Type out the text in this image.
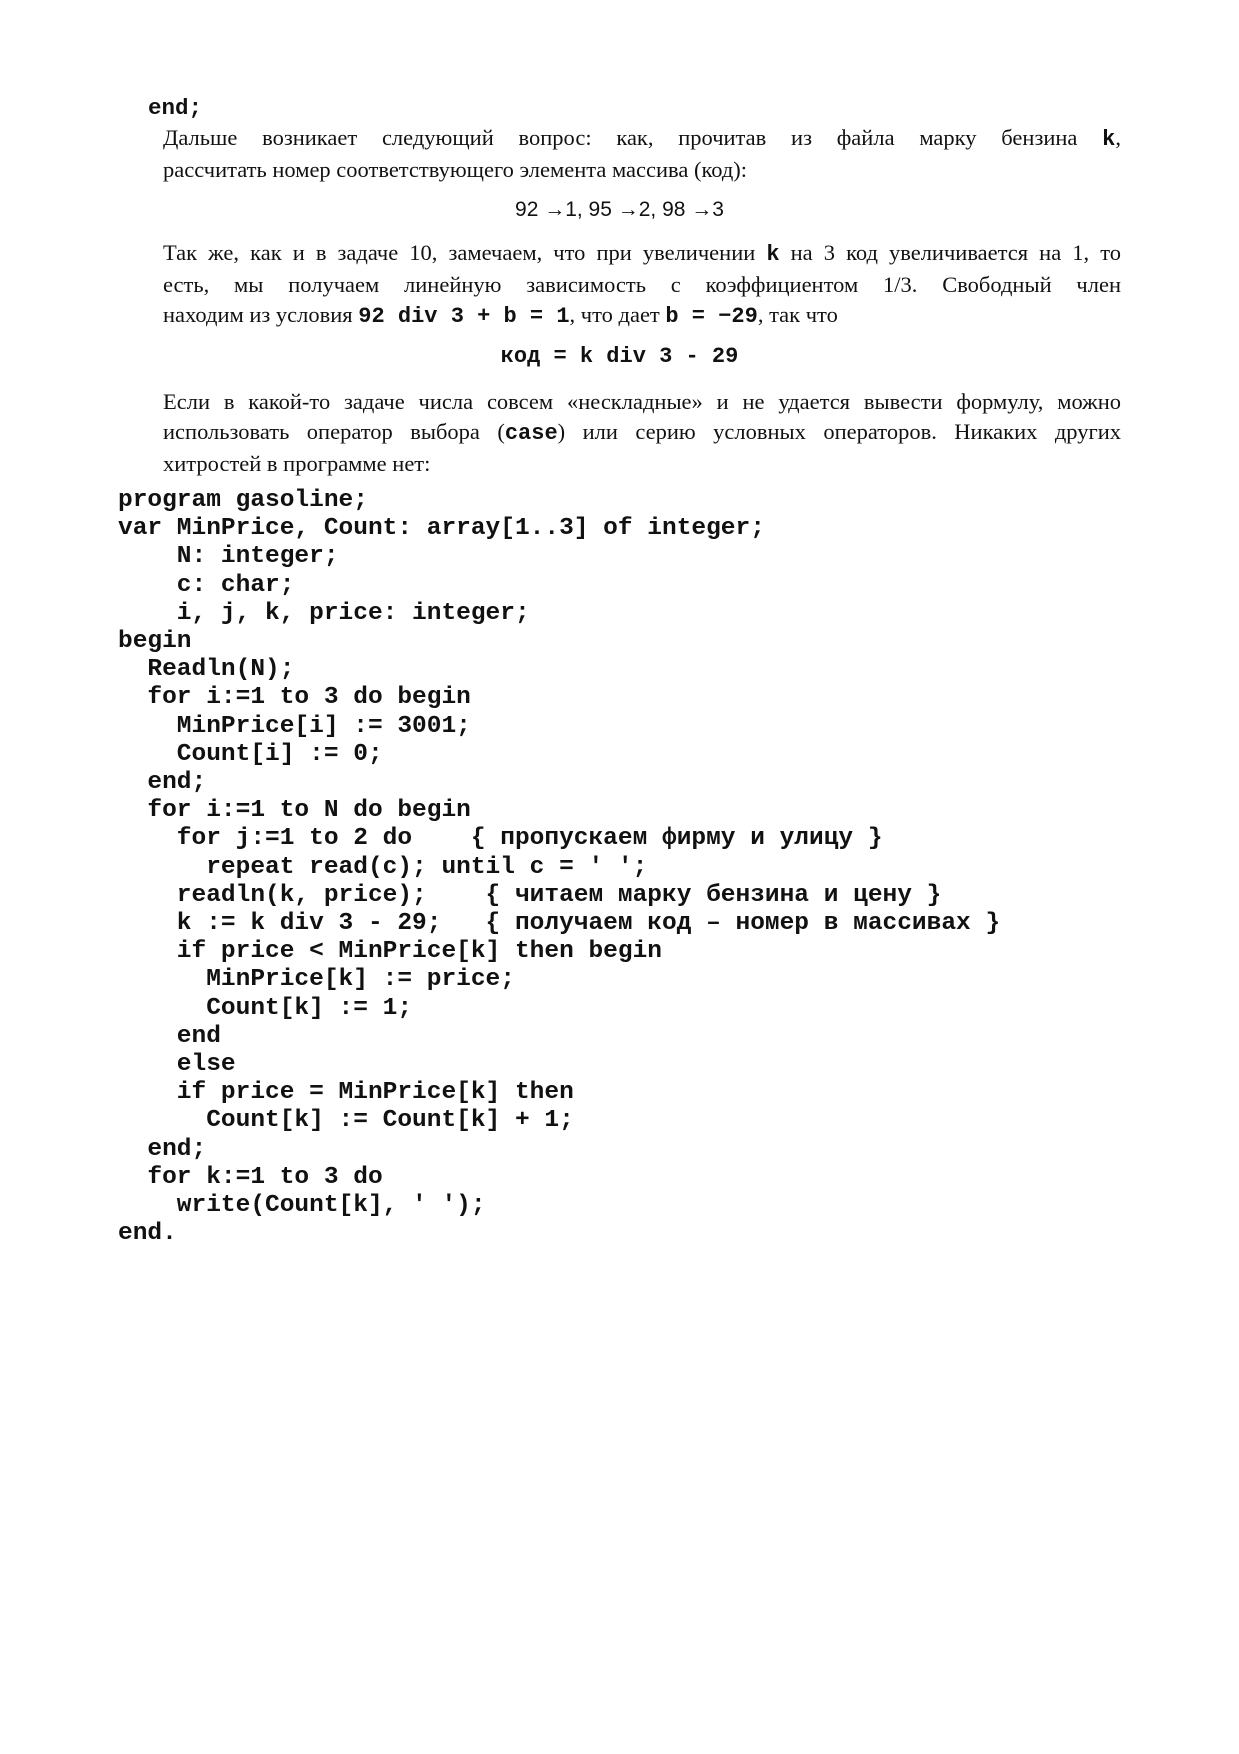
end;
Дальше возникает следующий вопрос: как, прочитав из файла марку бензина k,
рассчитать номер соответствующего элемента массива (код):
92 →1, 95 →2, 98 →3
Так же, как и в задаче 10, замечаем, что при увеличении k на 3 код увеличивается на 1, то
есть, мы получаем линейную зависимость с коэффициентом 1/3. Свободный член
находим из условия 92 div 3 + b = 1, что дает b = −29, так что
код = k div 3 - 29
Если в какой-то задаче числа совсем «нескладные» и не удается вывести формулу, можно
использовать оператор выбора (case) или серию условных операторов. Никаких других
хитростей в программе нет:
program gasoline;
var MinPrice, Count: array[1..3] of integer;
N: integer;
c: char;
i, j, k, price: integer;
begin
Readln(N);
for i:=1 to 3 do begin
MinPrice[i] := 3001;
Count[i] := 0;
end;
for i:=1 to N do begin
for j:=1 to 2 do    { пропускаем фирму и улицу }
repeat read(c); until c = ' ';
readln(k, price);    { читаем марку бензина и цену }
k := k div 3 - 29;   { получаем код – номер в массивах }
if price < MinPrice[k] then begin
MinPrice[k] := price;
Count[k] := 1;
end
else
if price = MinPrice[k] then
Count[k] := Count[k] + 1;
end;
for k:=1 to 3 do
write(Count[k], ' ');
end.
